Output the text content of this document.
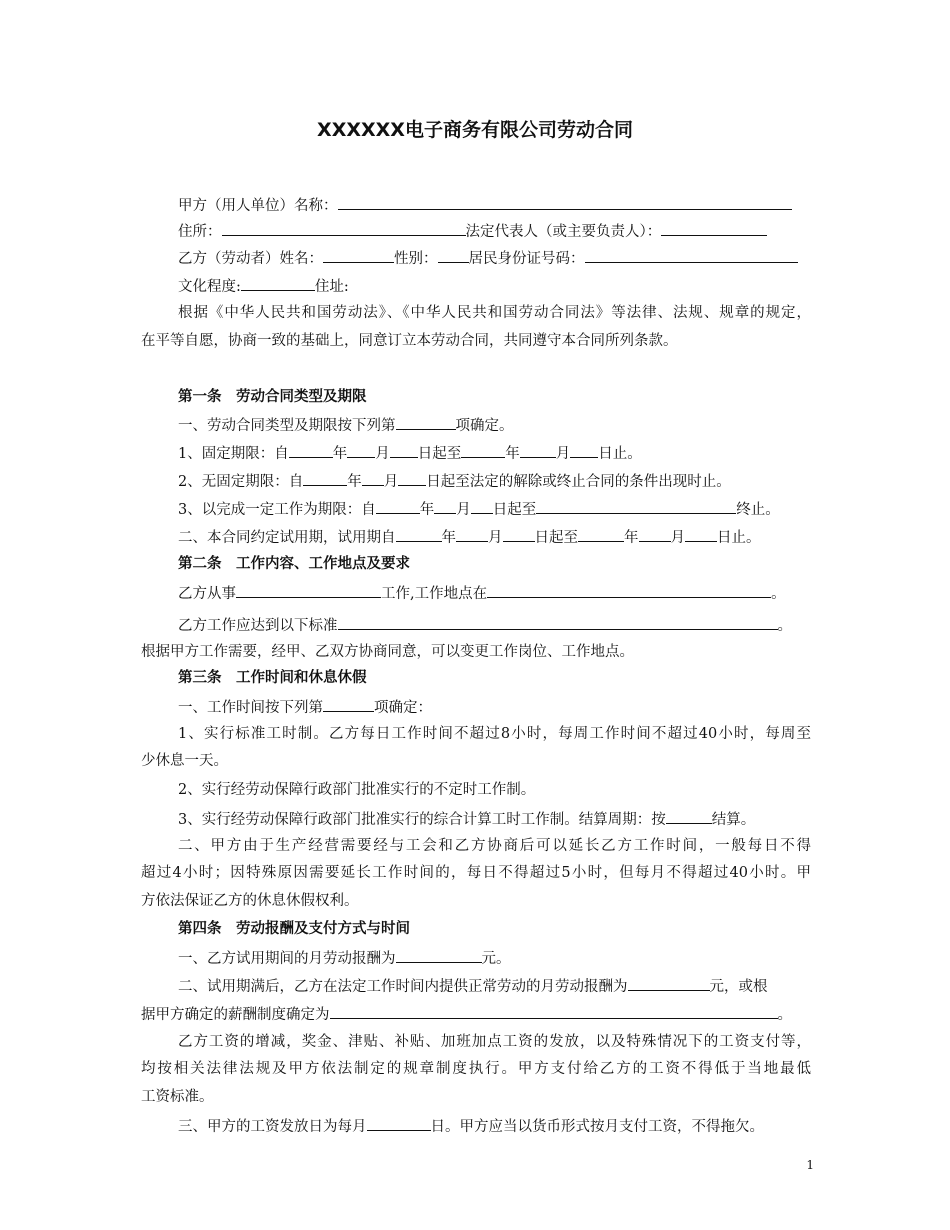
XXXXXX电子商务有限公司劳动合同
甲方（用人单位）名称：
住所：	法定代表人（或主要负责人）：
乙方（劳动者）姓名：	性别： 居民身份证号码：
文化程度:	住址:
根据《中华人民共和国劳动法》、《中华人民共和国劳动合同法》等法律、法规、规章的规定，
在平等自愿，协商一致的基础上，同意订立本劳动合同，共同遵守本合同所列条款。
第一条　劳动合同类型及期限
一、劳动合同类型及期限按下列第	项确定。
1、固定期限：自	年 月 日起至	年 月 日止。
2、无固定期限：自	年 月 日起至法定的解除或终止合同的条件出现时止。
3、以完成一定工作为期限：自	年 月 日起至	终止。
二、本合同约定试用期，试用期自	年 月 日起至	年 月 日止。
第二条　工作内容、工作地点及要求
乙方从事	工作,工作地点在	。
乙方工作应达到以下标准	。
根据甲方工作需要，经甲、乙双方协商同意，可以变更工作岗位、工作地点。
第三条　工作时间和休息休假
一、工作时间按下列第	项确定：
1、实行标准工时制。乙方每日工作时间不超过8小时，每周工作时间不超过40小时，每周至
少休息一天。
2、实行经劳动保障行政部门批准实行的不定时工作制。
3、实行经劳动保障行政部门批准实行的综合计算工时工作制。结算周期：按	结算。
二、甲方由于生产经营需要经与工会和乙方协商后可以延长乙方工作时间，一般每日不得
超过4小时；因特殊原因需要延长工作时间的，每日不得超过5小时，但每月不得超过40小时。甲
方依法保证乙方的休息休假权利。
第四条　劳动报酬及支付方式与时间
一、乙方试用期间的月劳动报酬为	元。
二、试用期满后，乙方在法定工作时间内提供正常劳动的月劳动报酬为	元，或根
据甲方确定的薪酬制度确定为	。
乙方工资的增减，奖金、津贴、补贴、加班加点工资的发放，以及特殊情况下的工资支付等，
均按相关法律法规及甲方依法制定的规章制度执行。甲方支付给乙方的工资不得低于当地最低
工资标准。
三、甲方的工资发放日为每月	日。甲方应当以货币形式按月支付工资，不得拖欠。
1
